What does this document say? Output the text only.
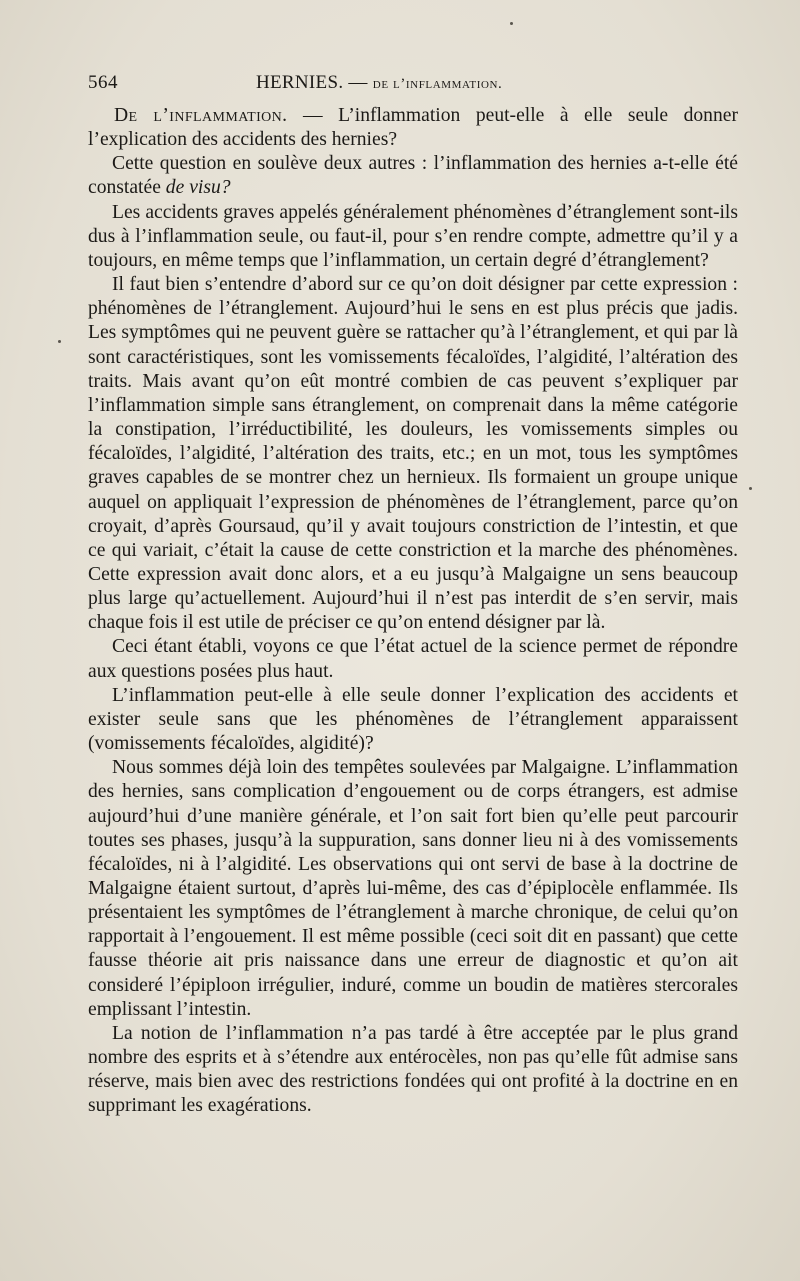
564	HERNIES. — de l’inflammation.

De l’inflammation. — L’inflammation peut-elle à elle seule donner l’explication des accidents des hernies?

Cette question en soulève deux autres : l’inflammation des hernies a-t-elle été constatée de visu?

Les accidents graves appelés généralement phénomènes d’étranglement sont-ils dus à l’inflammation seule, ou faut-il, pour s’en rendre compte, admettre qu’il y a toujours, en même temps que l’inflammation, un certain degré d’étranglement?

Il faut bien s’entendre d’abord sur ce qu’on doit désigner par cette expression : phénomènes de l’étranglement. Aujourd’hui le sens en est plus précis que jadis. Les symptômes qui ne peuvent guère se rattacher qu’à l’étranglement, et qui par là sont caractéristiques, sont les vomissements fécaloïdes, l’algidité, l’altération des traits. Mais avant qu’on eût montré combien de cas peuvent s’expliquer par l’inflammation simple sans étranglement, on comprenait dans la même catégorie la constipation, l’irréductibilité, les douleurs, les vomissements simples ou fécaloïdes, l’algidité, l’altération des traits, etc.; en un mot, tous les symptômes graves capables de se montrer chez un hernieux. Ils formaient un groupe unique auquel on appliquait l’expression de phénomènes de l’étranglement, parce qu’on croyait, d’après Goursaud, qu’il y avait toujours constriction de l’intestin, et que ce qui variait, c’était la cause de cette constriction et la marche des phénomènes. Cette expression avait donc alors, et a eu jusqu’à Malgaigne un sens beaucoup plus large qu’actuellement. Aujourd’hui il n’est pas interdit de s’en servir, mais chaque fois il est utile de préciser ce qu’on entend désigner par là.

Ceci étant établi, voyons ce que l’état actuel de la science permet de répondre aux questions posées plus haut.

L’inflammation peut-elle à elle seule donner l’explication des accidents et exister seule sans que les phénomènes de l’étranglement apparaissent (vomissements fécaloïdes, algidité)?

Nous sommes déjà loin des tempêtes soulevées par Malgaigne. L’inflammation des hernies, sans complication d’engouement ou de corps étrangers, est admise aujourd’hui d’une manière générale, et l’on sait fort bien qu’elle peut parcourir toutes ses phases, jusqu’à la suppuration, sans donner lieu ni à des vomissements fécaloïdes, ni à l’algidité. Les observations qui ont servi de base à la doctrine de Malgaigne étaient surtout, d’après lui-même, des cas d’épiplocèle enflammée. Ils présentaient les symptômes de l’étranglement à marche chronique, de celui qu’on rapportait à l’engouement. Il est même possible (ceci soit dit en passant) que cette fausse théorie ait pris naissance dans une erreur de diagnostic et qu’on ait consideré l’épiploon irrégulier, induré, comme un boudin de matières stercorales emplissant l’intestin.

La notion de l’inflammation n’a pas tardé à être acceptée par le plus grand nombre des esprits et à s’étendre aux entérocèles, non pas qu’elle fût admise sans réserve, mais bien avec des restrictions fondées qui ont profité à la doctrine en en supprimant les exagérations.
